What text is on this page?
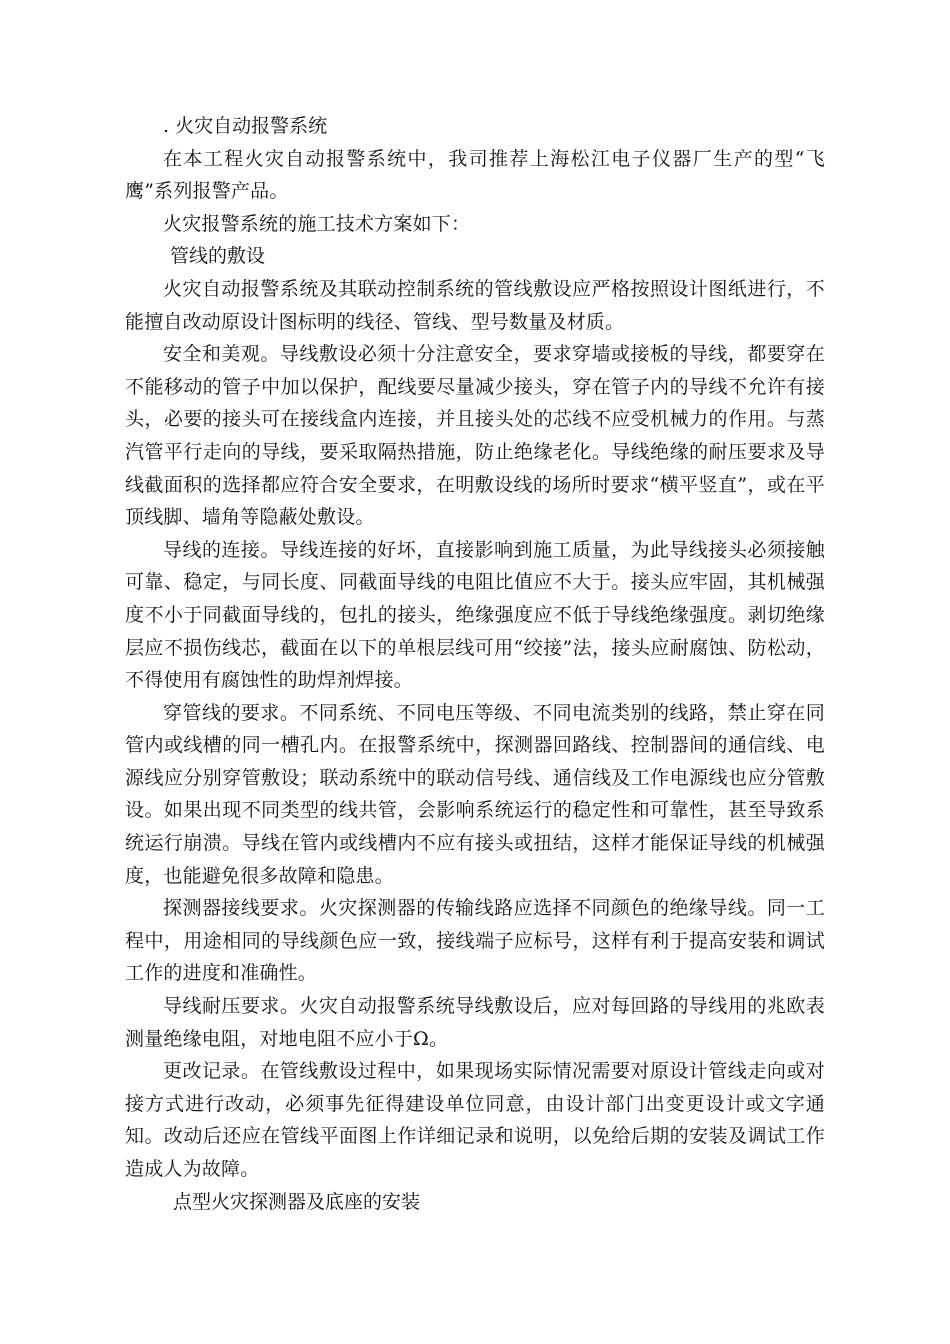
. 火灾自动报警系统

在本工程火灾自动报警系统中，我司推荐上海松江电子仪器厂生产的型“飞鹰”系列报警产品。

火灾报警系统的施工技术方案如下：

管线的敷设

火灾自动报警系统及其联动控制系统的管线敷设应严格按照设计图纸进行，不能擅自改动原设计图标明的线径、管线、型号数量及材质。

安全和美观。导线敷设必须十分注意安全，要求穿墙或接板的导线，都要穿在不能移动的管子中加以保护，配线要尽量减少接头，穿在管子内的导线不允许有接头，必要的接头可在接线盒内连接，并且接头处的芯线不应受机械力的作用。与蒸汽管平行走向的导线，要采取隔热措施，防止绝缘老化。导线绝缘的耐压要求及导线截面积的选择都应符合安全要求，在明敷设线的场所时要求“横平竖直”，或在平顶线脚、墙角等隐蔽处敷设。

导线的连接。导线连接的好坏，直接影响到施工质量，为此导线接头必须接触可靠、稳定，与同长度、同截面导线的电阻比值应不大于。接头应牢固，其机械强度不小于同截面导线的，包扎的接头，绝缘强度应不低于导线绝缘强度。剥切绝缘层应不损伤线芯，截面在以下的单根层线可用“绞接”法，接头应耐腐蚀、防松动，不得使用有腐蚀性的助焊剂焊接。

穿管线的要求。不同系统、不同电压等级、不同电流类别的线路，禁止穿在同管内或线槽的同一槽孔内。在报警系统中，探测器回路线、控制器间的通信线、电源线应分别穿管敷设；联动系统中的联动信号线、通信线及工作电源线也应分管敷设。如果出现不同类型的线共管，会影响系统运行的稳定性和可靠性，甚至导致系统运行崩溃。导线在管内或线槽内不应有接头或扭结，这样才能保证导线的机械强度，也能避免很多故障和隐患。

探测器接线要求。火灾探测器的传输线路应选择不同颜色的绝缘导线。同一工程中，用途相同的导线颜色应一致，接线端子应标号，这样有利于提高安装和调试工作的进度和准确性。

导线耐压要求。火灾自动报警系统导线敷设后，应对每回路的导线用的兆欧表测量绝缘电阻，对地电阻不应小于Ω。

更改记录。在管线敷设过程中，如果现场实际情况需要对原设计管线走向或对接方式进行改动，必须事先征得建设单位同意，由设计部门出变更设计或文字通知。改动后还应在管线平面图上作详细记录和说明，以免给后期的安装及调试工作造成人为故障。

点型火灾探测器及底座的安装
